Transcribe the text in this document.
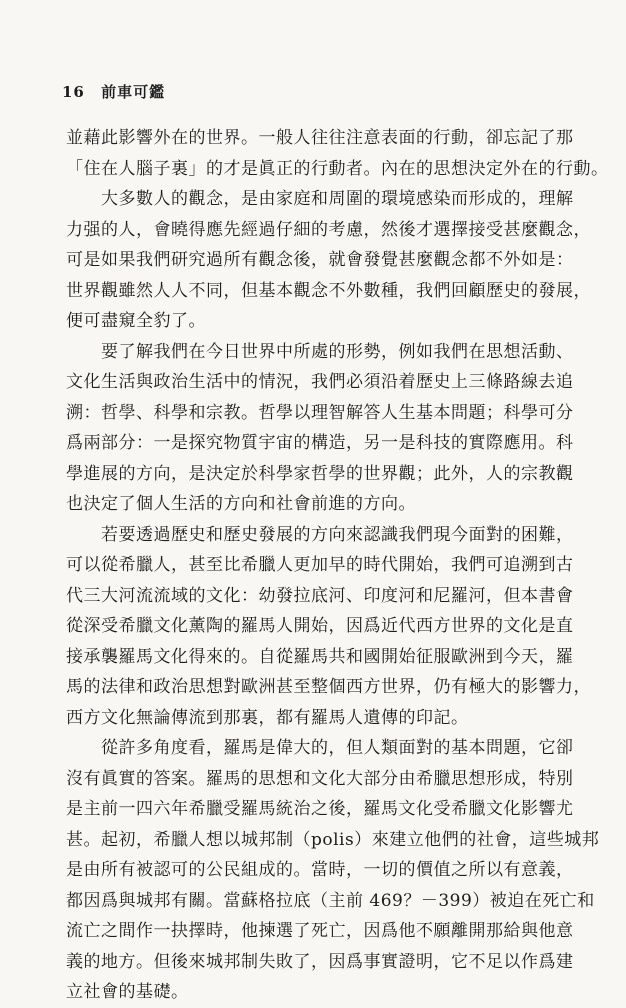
16 前車可鑑

並藉此影響外在的世界。一般人往往注意表面的行動，卻忘記了那
「住在人腦子裏」的才是眞正的行動者。內在的思想決定外在的行動。

大多數人的觀念，是由家庭和周圍的環境感染而形成的，理解
力强的人，會曉得應先經過仔細的考慮，然後才選擇接受甚麼觀念，
可是如果我們研究過所有觀念後，就會發覺甚麼觀念都不外如是：
世界觀雖然人人不同，但基本觀念不外數種，我們回顧歷史的發展，
便可盡窺全豹了。

要了解我們在今日世界中所處的形勢，例如我們在思想活動、
文化生活與政治生活中的情況，我們必須沿着歷史上三條路線去追
溯：哲學、科學和宗教。哲學以理智解答人生基本問題；科學可分
爲兩部分：一是探究物質宇宙的構造，另一是科技的實際應用。科
學進展的方向，是決定於科學家哲學的世界觀；此外，人的宗教觀
也決定了個人生活的方向和社會前進的方向。

若要透過歷史和歷史發展的方向來認識我們現今面對的困難，
可以從希臘人，甚至比希臘人更加早的時代開始，我們可追溯到古
代三大河流流域的文化：幼發拉底河、印度河和尼羅河，但本書會
從深受希臘文化薰陶的羅馬人開始，因爲近代西方世界的文化是直
接承襲羅馬文化得來的。自從羅馬共和國開始征服歐洲到今天，羅
馬的法律和政治思想對歐洲甚至整個西方世界，仍有極大的影響力，
西方文化無論傳流到那裏，都有羅馬人遺傳的印記。

從許多角度看，羅馬是偉大的，但人類面對的基本問題，它卻
沒有眞實的答案。羅馬的思想和文化大部分由希臘思想形成，特別
是主前一四六年希臘受羅馬統治之後，羅馬文化受希臘文化影響尤
甚。起初，希臘人想以城邦制（polis）來建立他們的社會，這些城邦
是由所有被認可的公民組成的。當時，一切的價值之所以有意義，
都因爲與城邦有關。當蘇格拉底（主前 469？－399）被迫在死亡和
流亡之間作一抉擇時，他揀選了死亡，因爲他不願離開那給與他意
義的地方。但後來城邦制失敗了，因爲事實證明，它不足以作爲建
立社會的基礎。
